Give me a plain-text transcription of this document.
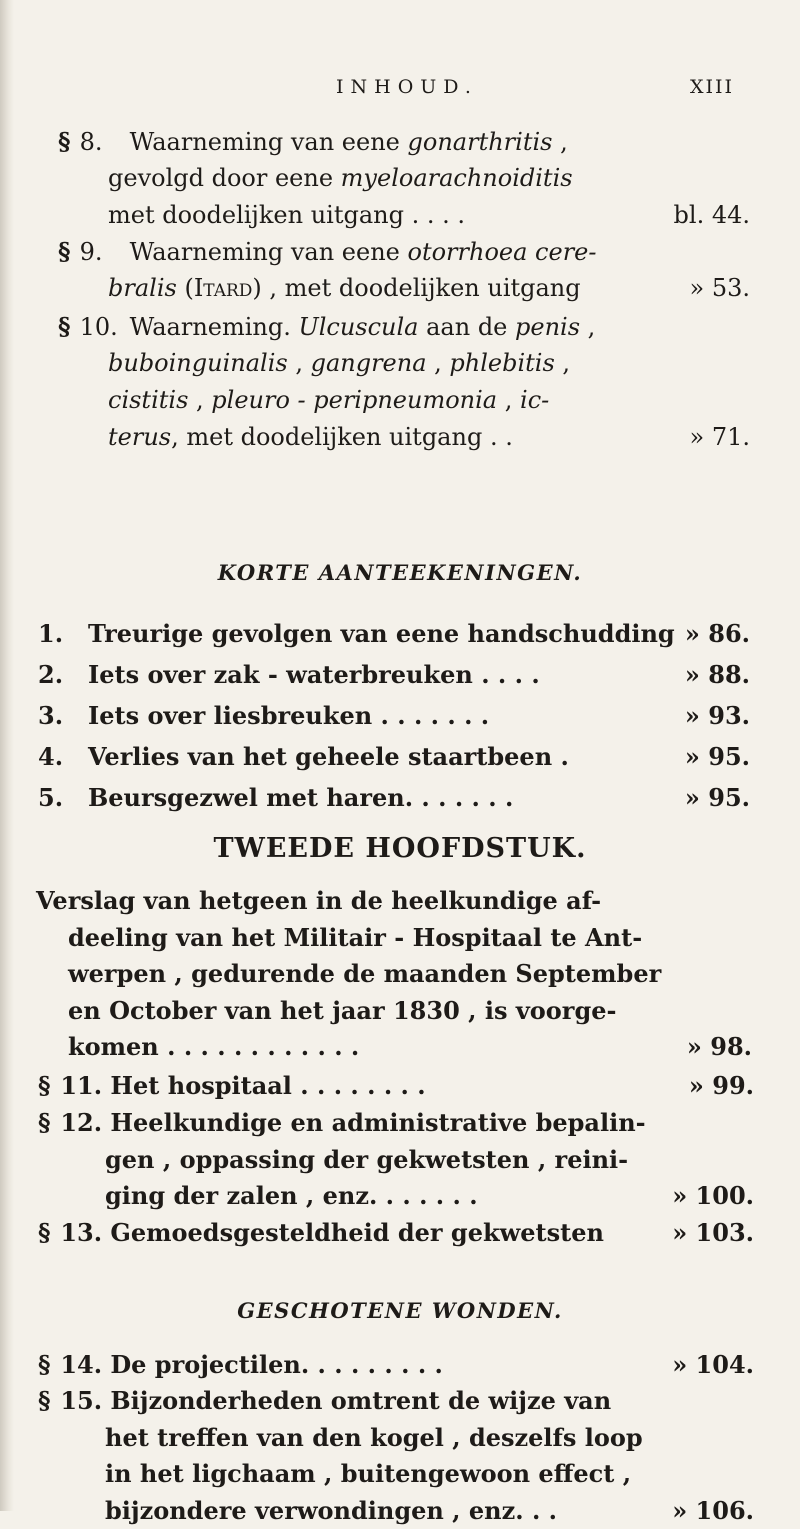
INHOUD.	XIII
§ 8. Waarneming van eene gonarthritis ,
gevolgd door eene myeloarachnoiditis
met doodelijken uitgang . . . .	bl. 44.
§ 9. Waarneming van eene otorrhoea cere-
bralis (Itard) , met doodelijken uitgang	» 53.
§ 10. Waarneming. Ulcuscula aan de penis ,
buboinguinalis , gangrena , phlebitis ,
cistitis , pleuro - peripneumonia , ic-
terus, met doodelijken uitgang . .	» 71.
KORTE AANTEEKENINGEN.
1. Treurige gevolgen van eene handschudding » 86.
2. Iets over zak - waterbreuken . . . .	» 88.
3. Iets over liesbreuken . . . . . . .	» 93.
4. Verlies van het geheele staartbeen .	» 95.
5. Beursgezwel met haren. . . . . . .	» 95.
TWEEDE HOOFDSTUK.
Verslag van hetgeen in de heelkundige af-
deeling van het Militair - Hospitaal te Ant-
werpen , gedurende de maanden September
en October van het jaar 1830 , is voorge-
komen . . . . . . . . . . . .	» 98.
§ 11. Het hospitaal . . . . . . . .	» 99.
§ 12. Heelkundige en administrative bepalin-
gen , oppassing der gekwetsten , reini-
ging der zalen , enz. . . . . . .	» 100.
§ 13. Gemoedsgesteldheid der gekwetsten	» 103.
GESCHOTENE WONDEN.
§ 14. De projectilen. . . . . . . . .	» 104.
§ 15. Bijzonderheden omtrent de wijze van
het treffen van den kogel , deszelfs loop
in het ligchaam , buitengewoon effect ,
bijzondere verwondingen , enz. . .	» 106.
